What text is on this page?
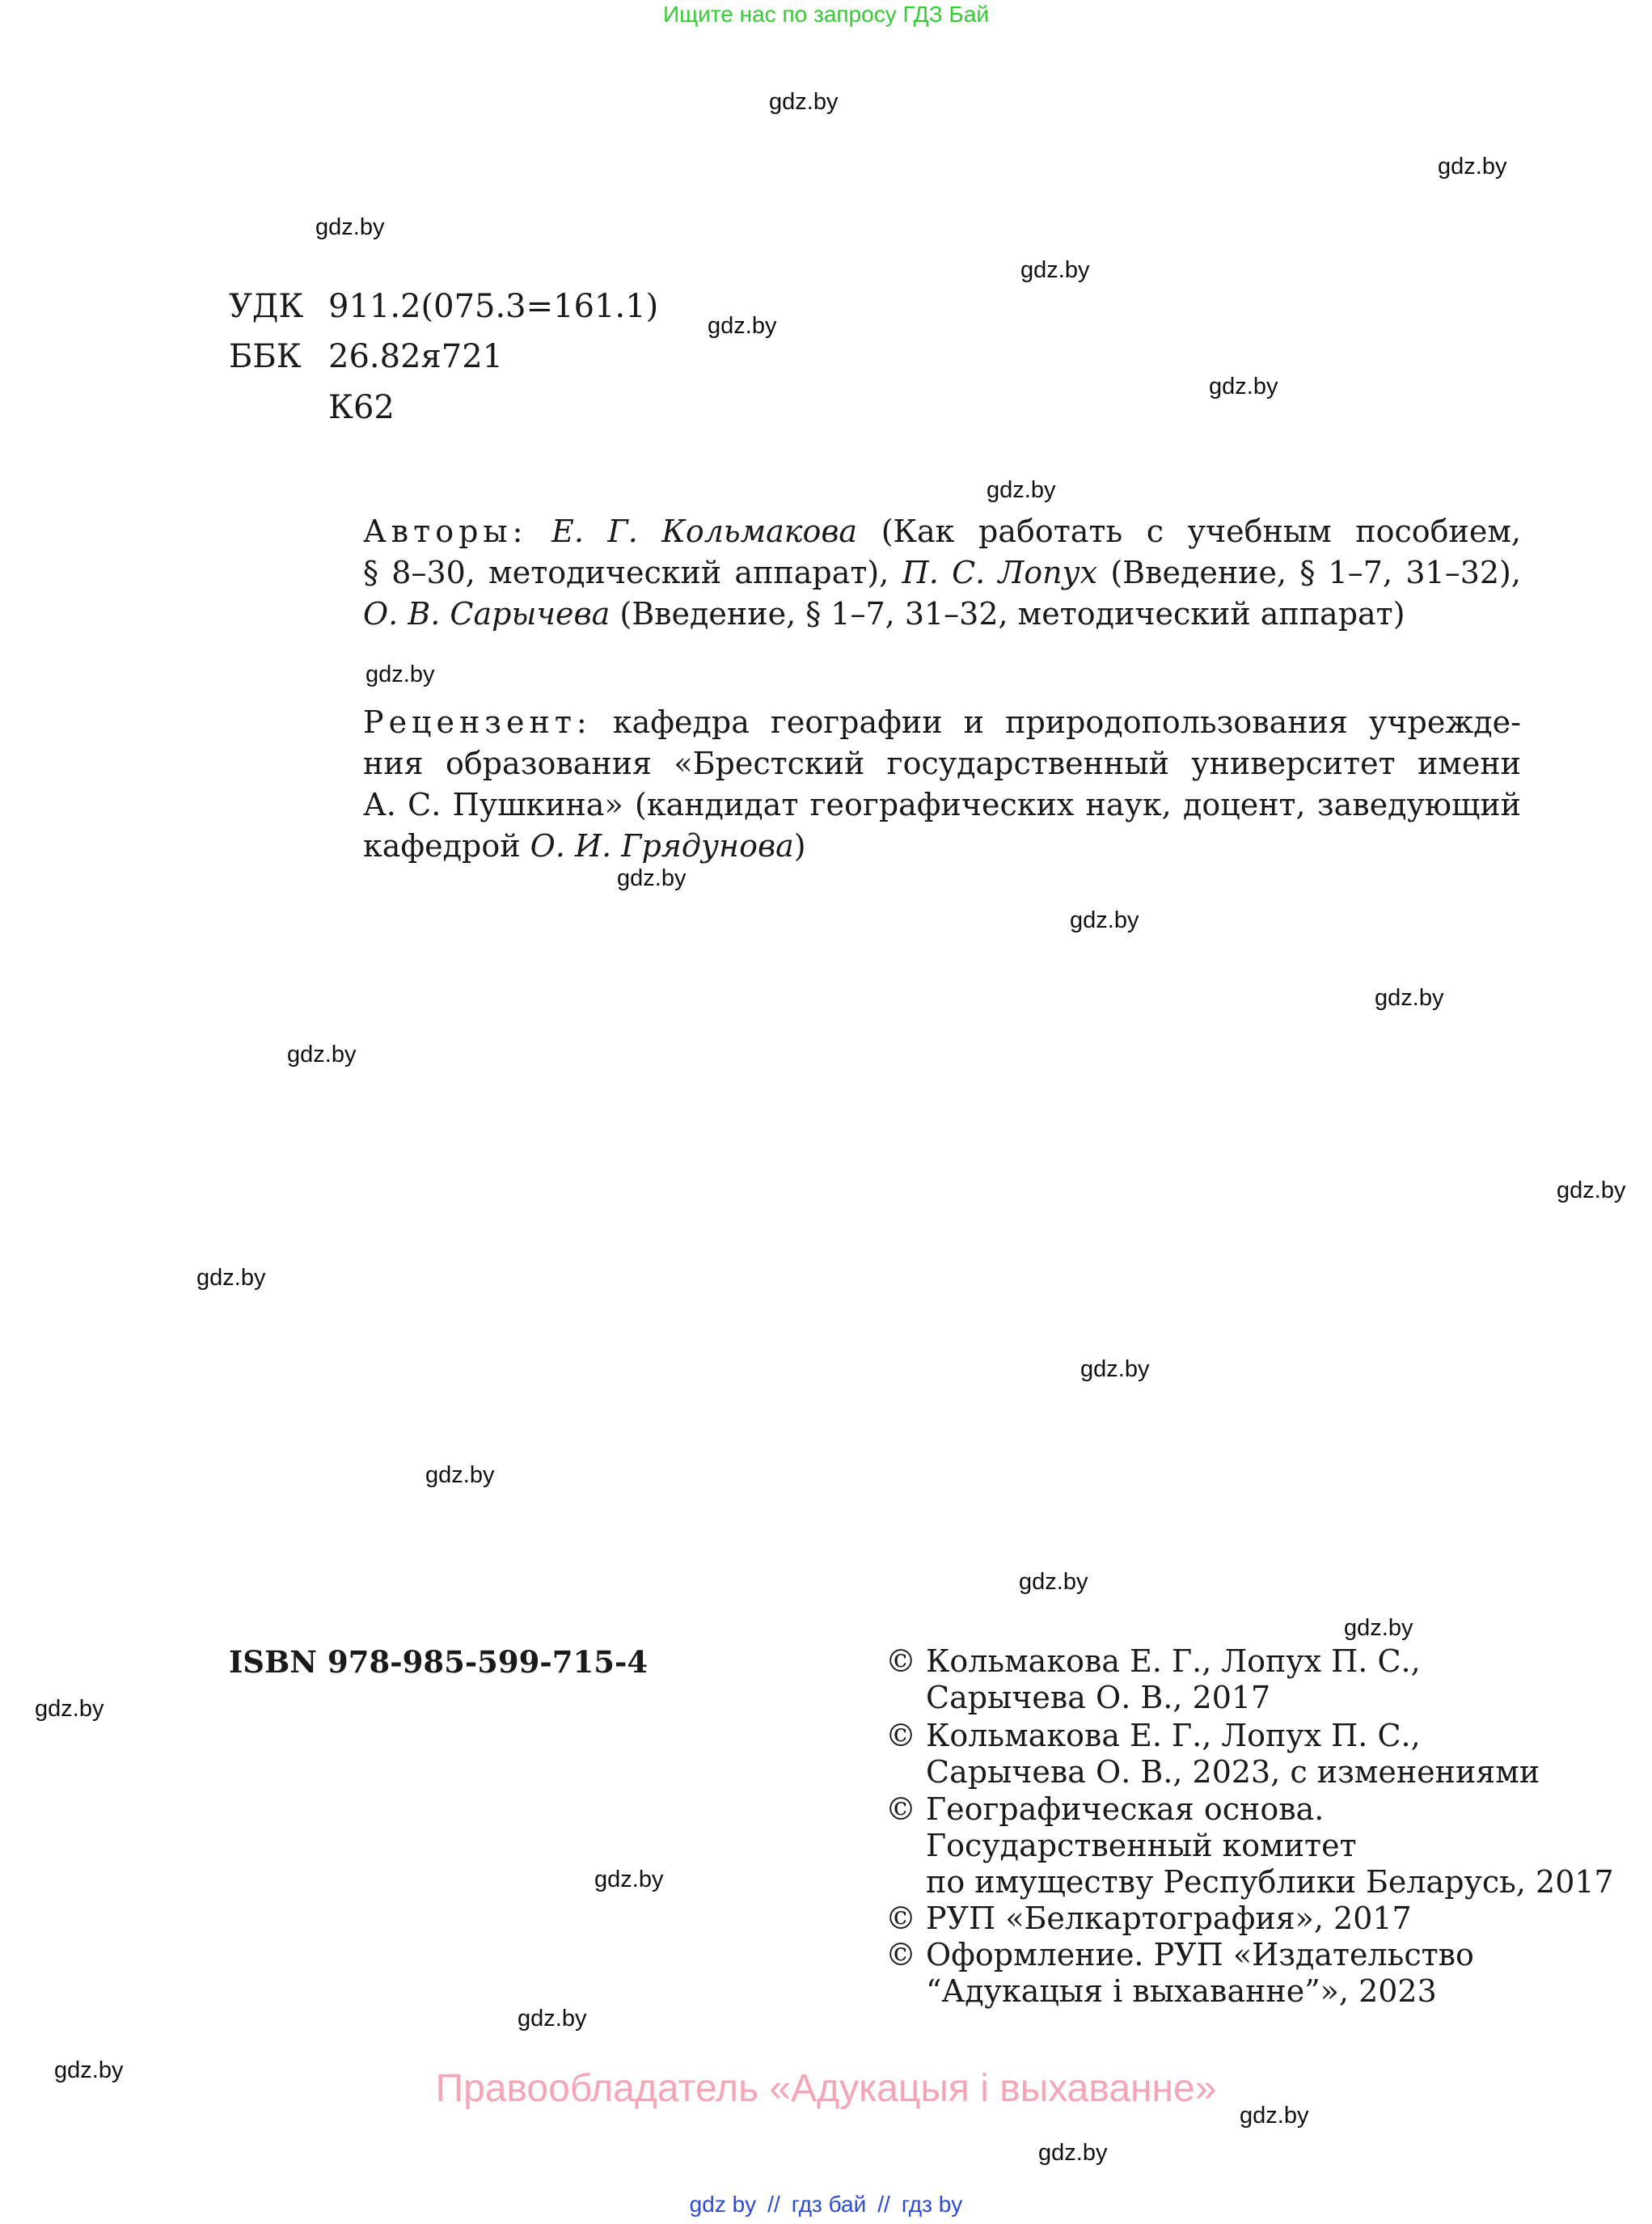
Ищите нас по запросу ГДЗ Бай
gdz.by
gdz.by
gdz.by
gdz.by
gdz.by
gdz.by
gdz.by
gdz.by
gdz.by
gdz.by
gdz.by
gdz.by
gdz.by
gdz.by
gdz.by
gdz.by
gdz.by
gdz.by
gdz.by
gdz.by
gdz.by
gdz.by
gdz.by
gdz.by
УДК 911.2(075.3=161.1)
ББК 26.82я721
К62
Авторы: Е. Г. Кольмакова (Как работать с учебным пособием,
§ 8–30, методический аппарат), П. С. Лопух (Введение, § 1–7, 31–32),
О. В. Сарычева (Введение, § 1–7, 31–32, методический аппарат)
Рецензент: кафедра географии и природопользования учрежде-
ния образования «Брестский государственный университет имени
А. С. Пушкина» (кандидат географических наук, доцент, заведующий
кафедрой О. И. Грядунова)
ISBN 978-985-599-715-4	© Кольмакова Е. Г., Лопух П. С.,
Сарычева О. В., 2017
© Кольмакова Е. Г., Лопух П. С.,
Сарычева О. В., 2023, с изменениями
© Географическая основа.
Государственный комитет
по имуществу Республики Беларусь, 2017
© РУП «Белкартография», 2017
© Оформление. РУП «Издательство
“Адукацыя і выхаванне”», 2023
Правообладатель «Адукацыя і выхаванне»
gdz by // гдз бай // гдз by
